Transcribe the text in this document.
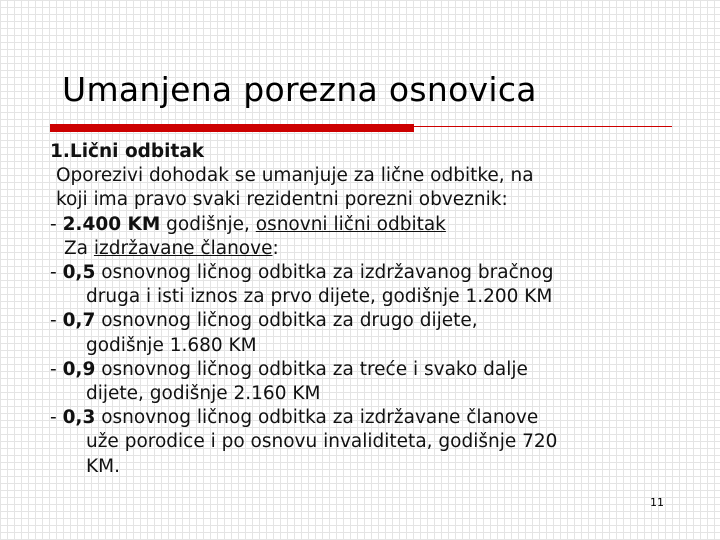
Umanjena porezna osnovica
1.Lični odbitak
Oporezivi dohodak se umanjuje za lične odbitke, na
koji ima pravo svaki rezidentni porezni obveznik:
- 2.400 KM godišnje, osnovni lični odbitak
Za izdržavane članove:
- 0,5 osnovnog ličnog odbitka za izdržavanog bračnog
druga i isti iznos za prvo dijete, godišnje 1.200 KM
- 0,7 osnovnog ličnog odbitka za drugo dijete,
godišnje 1.680 KM
- 0,9 osnovnog ličnog odbitka za treće i svako dalje
dijete, godišnje 2.160 KM
- 0,3 osnovnog ličnog odbitka za izdržavane članove
uže porodice i po osnovu invaliditeta, godišnje 720
KM.
11
